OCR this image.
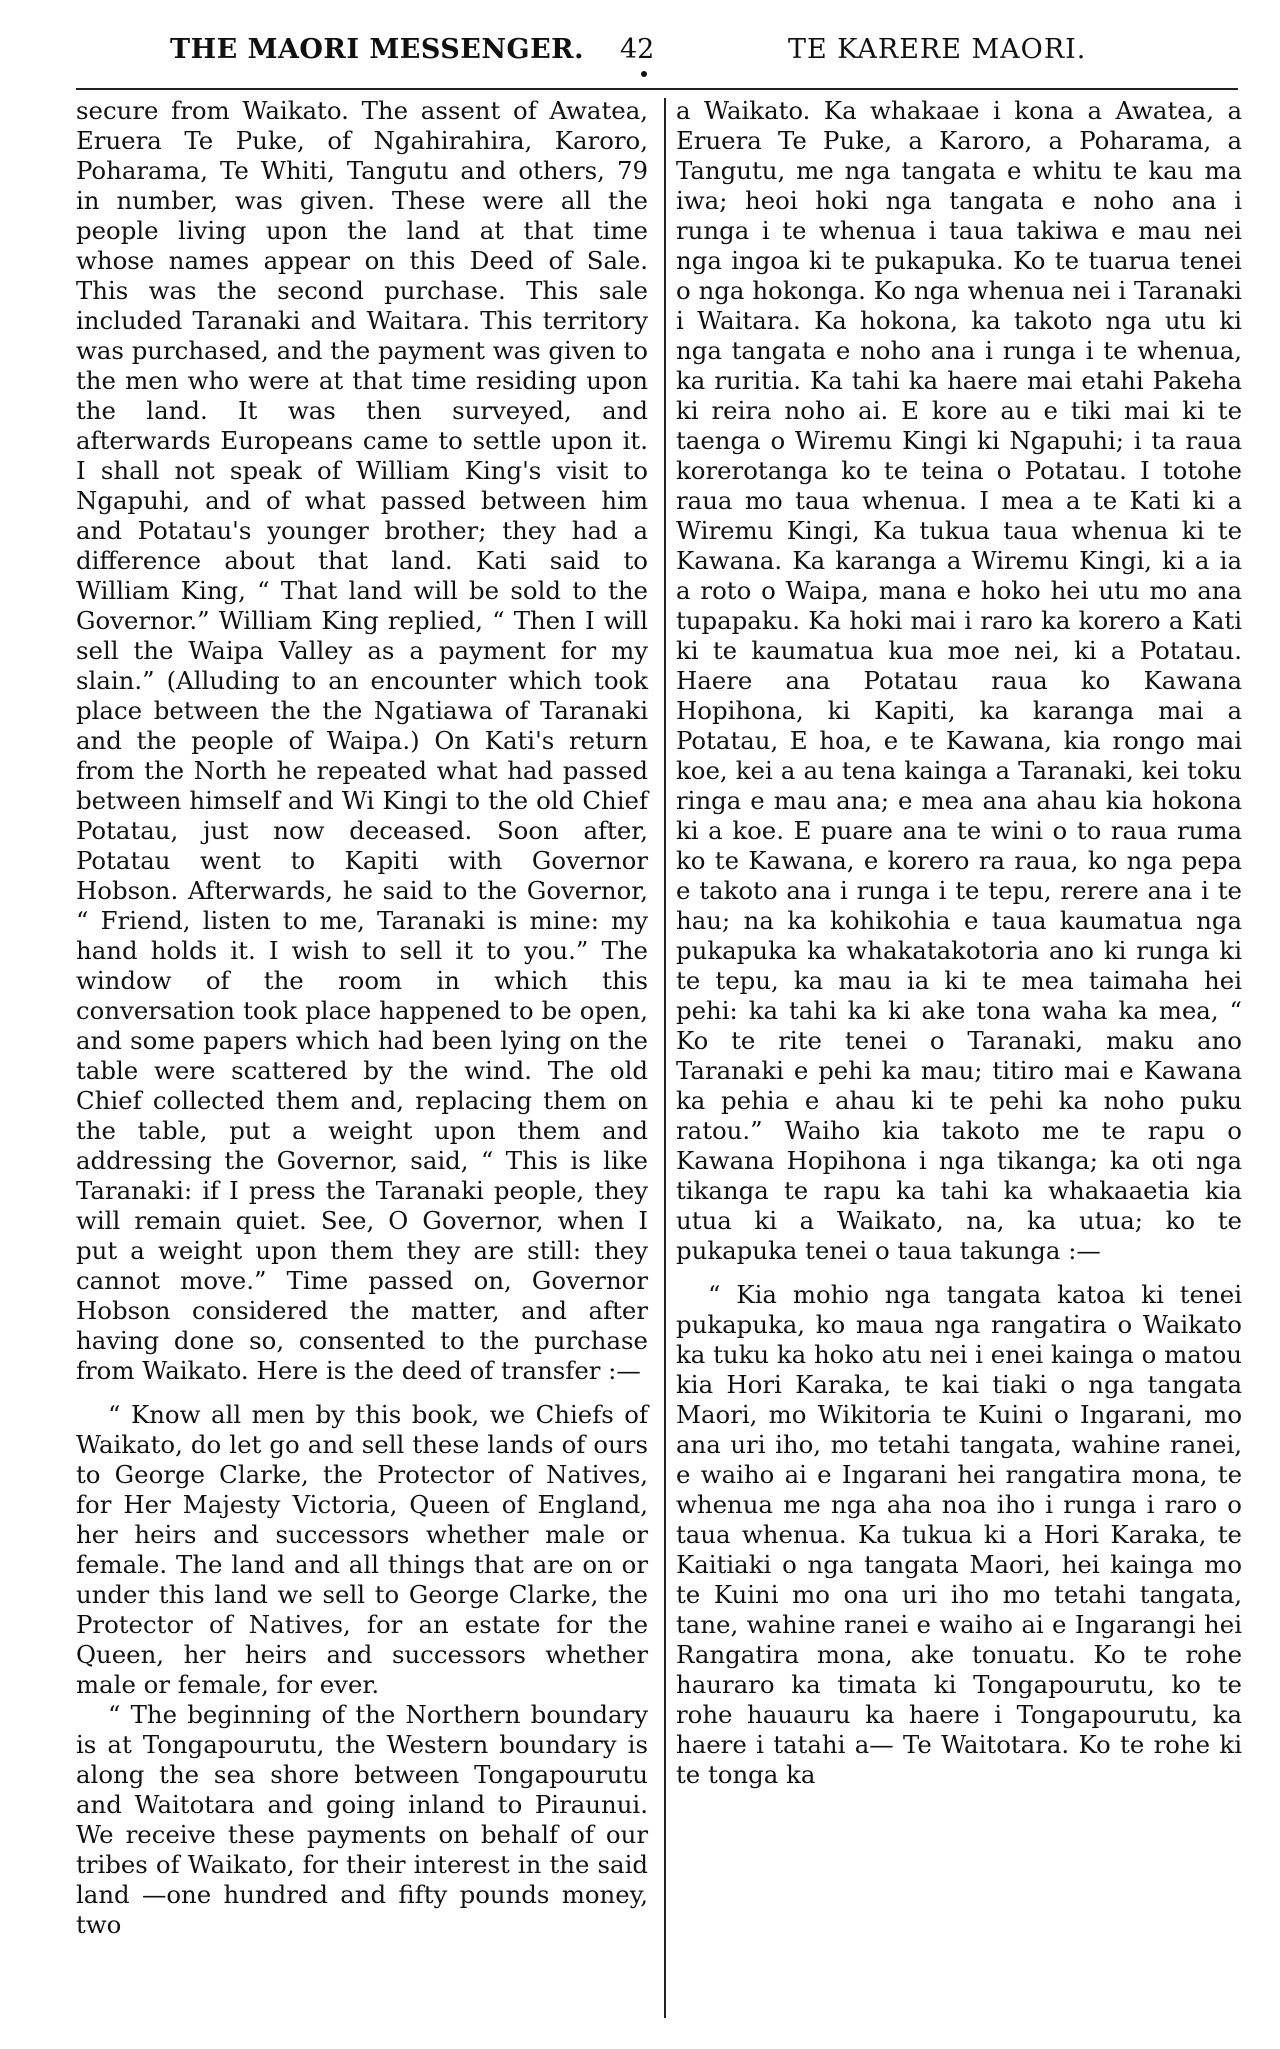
THE MAORI MESSENGER. 42	TE KARERE MAORI.

secure from Waikato. The assent of Awatea, Eruera Te Puke, of Ngahirahira, Karoro, Poharama, Te Whiti, Tangutu and others, 79 in number, was given. These were all the people living upon the land at that time whose names appear on this Deed of Sale. This was the second purchase. This sale included Taranaki and Waitara. This territory was purchased, and the payment was given to the men who were at that time residing upon the land. It was then surveyed, and afterwards Europeans came to settle upon it. I shall not speak of William King's visit to Ngapuhi, and of what passed between him and Potatau's younger brother; they had a difference about that land. Kati said to William King, “ That land will be sold to the Governor.” William King replied, “ Then I will sell the Waipa Valley as a payment for my slain.” (Alluding to an encounter which took place between the the Ngatiawa of Taranaki and the people of Waipa.) On Kati's return from the North he repeated what had passed between himself and Wi Kingi to the old Chief Potatau, just now deceased. Soon after, Potatau went to Kapiti with Governor Hobson. Afterwards, he said to the Governor, “ Friend, listen to me, Taranaki is mine: my hand holds it. I wish to sell it to you.” The window of the room in which this conversation took place happened to be open, and some papers which had been lying on the table were scattered by the wind. The old Chief collected them and, replacing them on the table, put a weight upon them and addressing the Governor, said, “ This is like Taranaki: if I press the Taranaki people, they will remain quiet. See, O Governor, when I put a weight upon them they are still: they cannot move.” Time passed on, Governor Hobson considered the matter, and after having done so, consented to the purchase from Waikato. Here is the deed of transfer :—

“ Know all men by this book, we Chiefs of Waikato, do let go and sell these lands of ours to George Clarke, the Protector of Natives, for Her Majesty Victoria, Queen of England, her heirs and successors whether male or female. The land and all things that are on or under this land we sell to George Clarke, the Protector of Natives, for an estate for the Queen, her heirs and successors whether male or female, for ever.

“ The beginning of the Northern boundary is at Tongapourutu, the Western boundary is along the sea shore between Tongapourutu and Waitotara and going inland to Piraunui. We receive these payments on behalf of our tribes of Waikato, for their interest in the said land —one hundred and fifty pounds money, two

a Waikato. Ka whakaae i kona a Awatea, a Eruera Te Puke, a Karoro, a Poharama, a Tangutu, me nga tangata e whitu te kau ma iwa; heoi hoki nga tangata e noho ana i runga i te whenua i taua takiwa e mau nei nga ingoa ki te pukapuka. Ko te tuarua tenei o nga hokonga. Ko nga whenua nei i Taranaki i Waitara. Ka hokona, ka takoto nga utu ki nga tangata e noho ana i runga i te whenua, ka ruritia. Ka tahi ka haere mai etahi Pakeha ki reira noho ai. E kore au e tiki mai ki te taenga o Wiremu Kingi ki Ngapuhi; i ta raua korerotanga ko te teina o Potatau. I totohe raua mo taua whenua. I mea a te Kati ki a Wiremu Kingi, Ka tukua taua whenua ki te Kawana. Ka karanga a Wiremu Kingi, ki a ia a roto o Waipa, mana e hoko hei utu mo ana tupapaku. Ka hoki mai i raro ka korero a Kati ki te kaumatua kua moe nei, ki a Potatau. Haere ana Potatau raua ko Kawana Hopihona, ki Kapiti, ka karanga mai a Potatau, E hoa, e te Kawana, kia rongo mai koe, kei a au tena kainga a Taranaki, kei toku ringa e mau ana; e mea ana ahau kia hokona ki a koe. E puare ana te wini o to raua ruma ko te Kawana, e korero ra raua, ko nga pepa e takoto ana i runga i te tepu, rerere ana i te hau; na ka kohikohia e taua kaumatua nga pukapuka ka whakatakotoria ano ki runga ki te tepu, ka mau ia ki te mea taimaha hei pehi: ka tahi ka ki ake tona waha ka mea, “ Ko te rite tenei o Taranaki, maku ano Taranaki e pehi ka mau; titiro mai e Kawana ka pehia e ahau ki te pehi ka noho puku ratou.” Waiho kia takoto me te rapu o Kawana Hopihona i nga tikanga; ka oti nga tikanga te rapu ka tahi ka whakaaetia kia utua ki a Waikato, na, ka utua; ko te pukapuka tenei o taua takunga :—

“ Kia mohio nga tangata katoa ki tenei pukapuka, ko maua nga rangatira o Waikato ka tuku ka hoko atu nei i enei kainga o matou kia Hori Karaka, te kai tiaki o nga tangata Maori, mo Wikitoria te Kuini o Ingarani, mo ana uri iho, mo tetahi tangata, wahine ranei, e waiho ai e Ingarani hei rangatira mona, te whenua me nga aha noa iho i runga i raro o taua whenua. Ka tukua ki a Hori Karaka, te Kaitiaki o nga tangata Maori, hei kainga mo te Kuini mo ona uri iho mo tetahi tangata, tane, wahine ranei e waiho ai e Ingarangi hei Rangatira mona, ake tonuatu. Ko te rohe hauraro ka timata ki Tongapourutu, ko te rohe hauauru ka haere i Tongapourutu, ka haere i tatahi a— Te Waitotara. Ko te rohe ki te tonga ka
